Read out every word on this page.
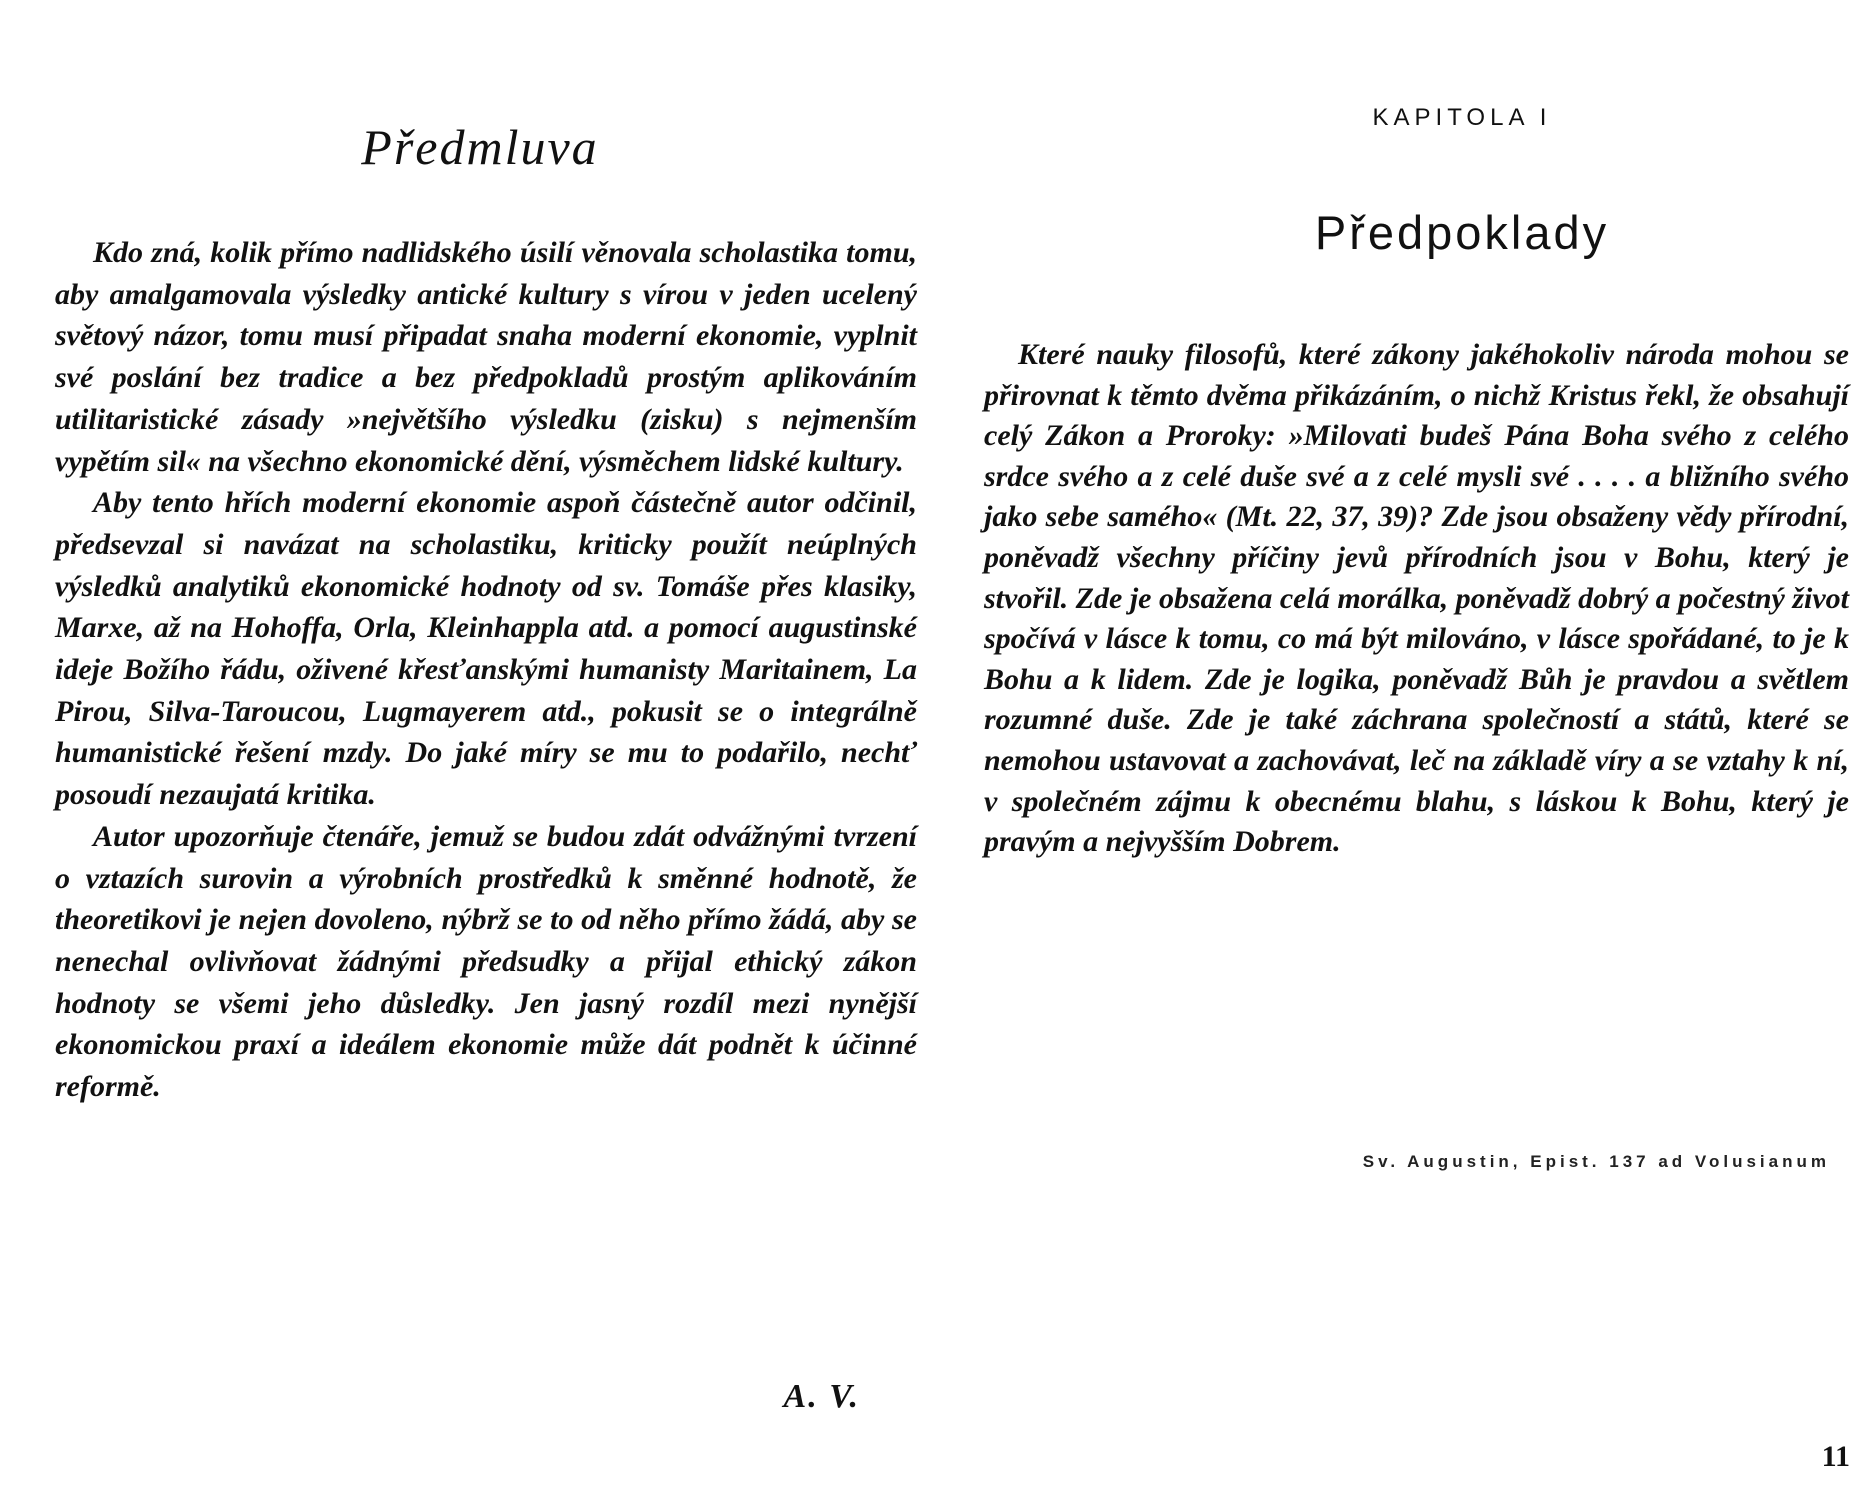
Předmluva

Kdo zná, kolik přímo nadlidského úsilí věnovala scholastika tomu, aby amalgamovala výsledky antické kultury s vírou v jeden ucelený světový názor, tomu musí připadat snaha moderní ekonomie, vyplnit své poslání bez tradice a bez předpokladů prostým aplikováním utilitaristické zásady »největšího výsledku (zisku) s nejmenším vypětím sil« na všechno ekonomické dění, výsměchem lidské kultury.

Aby tento hřích moderní ekonomie aspoň částečně autor odčinil, předsevzal si navázat na scholastiku, kriticky použít neúplných výsledků analytiků ekonomické hodnoty od sv. Tomáše přes klasiky, Marxe, až na Hohoffa, Orla, Kleinhappla atd. a pomocí augustinské ideje Božího řádu, oživené křesťanskými humanisty Maritainem, La Pirou, Silva-Taroucou, Lugmayerem atd., pokusit se o integrálně humanistické řešení mzdy. Do jaké míry se mu to podařilo, nechť posoudí nezaujatá kritika.

Autor upozorňuje čtenáře, jemuž se budou zdát odvážnými tvrzení o vztazích surovin a výrobních prostředků k směnné hodnotě, že theoretikovi je nejen dovoleno, nýbrž se to od něho přímo žádá, aby se nenechal ovlivňovat žádnými předsudky a přijal ethický zákon hodnoty se všemi jeho důsledky. Jen jasný rozdíl mezi nynější ekonomickou praxí a ideálem ekonomie může dát podnět k účinné reformě.

A. V.
KAPITOLA I
Předpoklady

Které nauky filosofů, které zákony jakéhokoliv národa mohou se přirovnat k těmto dvěma přikázáním, o nichž Kristus řekl, že obsahují celý Zákon a Proroky: »Milovati budeš Pána Boha svého z celého srdce svého a z celé duše své a z celé mysli své . . . . a bližního svého jako sebe samého« (Mt. 22, 37, 39)? Zde jsou obsaženy vědy přírodní, poněvadž všechny příčiny jevů přírodních jsou v Bohu, který je stvořil. Zde je obsažena celá morálka, poněvadž dobrý a počestný život spočívá v lásce k tomu, co má být milováno, v lásce spořádané, to je k Bohu a k lidem. Zde je logika, poněvadž Bůh je pravdou a světlem rozumné duše. Zde je také záchrana společností a států, které se nemohou ustavovat a zachovávat, leč na základě víry a se vztahy k ní, v společném zájmu k obecnému blahu, s láskou k Bohu, který je pravým a nejvyšším Dobrem.

Sv. Augustin, Epist. 137 ad Volusianum
11
